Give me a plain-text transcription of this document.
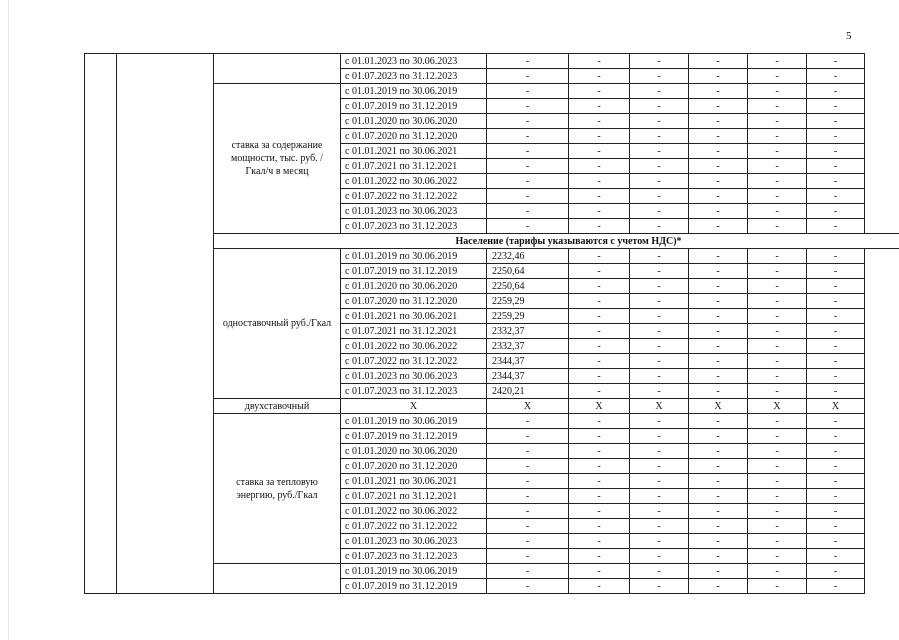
5
			с 01.01.2023 по 30.06.2023	-	-	-	-	-	-
			с 01.07.2023 по 31.12.2023	-	-	-	-	-	-
		ставка за содержание мощности, тыс. руб. /Гкал/ч в месяц	с 01.01.2019 по 30.06.2019	-	-	-	-	-	-
			с 01.07.2019 по 31.12.2019	-	-	-	-	-	-
			с 01.01.2020 по 30.06.2020	-	-	-	-	-	-
			с 01.07.2020 по 31.12.2020	-	-	-	-	-	-
			с 01.01.2021 по 30.06.2021	-	-	-	-	-	-
			с 01.07.2021 по 31.12.2021	-	-	-	-	-	-
			с 01.01.2022 по 30.06.2022	-	-	-	-	-	-
			с 01.07.2022 по 31.12.2022	-	-	-	-	-	-
			с 01.01.2023 по 30.06.2023	-	-	-	-	-	-
			с 01.07.2023 по 31.12.2023	-	-	-	-	-	-
		Население (тарифы указываются с учетом НДС)*							
		одноставочный руб./Гкал	с 01.01.2019 по 30.06.2019	2232,46	-	-	-	-	-
			с 01.07.2019 по 31.12.2019	2250,64	-	-	-	-	-
			с 01.01.2020 по 30.06.2020	2250,64	-	-	-	-	-
			с 01.07.2020 по 31.12.2020	2259,29	-	-	-	-	-
			с 01.01.2021 по 30.06.2021	2259,29	-	-	-	-	-
			с 01.07.2021 по 31.12.2021	2332,37	-	-	-	-	-
			с 01.01.2022 по 30.06.2022	2332,37	-	-	-	-	-
			с 01.07.2022 по 31.12.2022	2344,37	-	-	-	-	-
			с 01.01.2023 по 30.06.2023	2344,37	-	-	-	-	-
			с 01.07.2023 по 31.12.2023	2420,21	-	-	-	-	-
		двухставочный	X	X	X	X	X	X	X
		ставка за тепловую энергию, руб./Гкал	с 01.01.2019 по 30.06.2019	-	-	-	-	-	-
			с 01.07.2019 по 31.12.2019	-	-	-	-	-	-
			с 01.01.2020 по 30.06.2020	-	-	-	-	-	-
			с 01.07.2020 по 31.12.2020	-	-	-	-	-	-
			с 01.01.2021 по 30.06.2021	-	-	-	-	-	-
			с 01.07.2021 по 31.12.2021	-	-	-	-	-	-
			с 01.01.2022 по 30.06.2022	-	-	-	-	-	-
			с 01.07.2022 по 31.12.2022	-	-	-	-	-	-
			с 01.01.2023 по 30.06.2023	-	-	-	-	-	-
			с 01.07.2023 по 31.12.2023	-	-	-	-	-	-
			с 01.01.2019 по 30.06.2019	-	-	-	-	-	-
			с 01.07.2019 по 31.12.2019	-	-	-	-	-	-
